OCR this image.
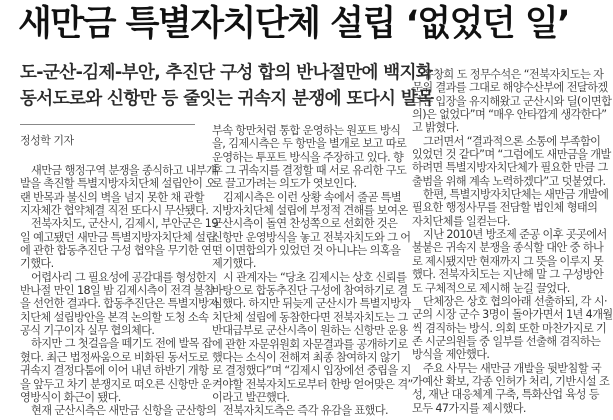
새만금 특별자치단체 설립 ‘없었던 일’
도-군산-김제-부안, 추진단 구성 합의 반나절만에 백지화
동서도로와 신항만 등 줄잇는 귀속지 분쟁에 또다시 발목
정성학 기자
새만금 행정구역 분쟁을 종식하고 내부개
발을 촉진할 특별지방자치단체 설립안이 오
랜 반목과 불신의 벽을 넘지 못한 채 관할
지자체간 협약체결 직전 또다시 무산됐다.
전북자치도, 군산시, 김제시, 부안군은 19
일 예고됐던 새만금 특별지방자치단체 설립
에 관한 합동추진단 구성 협약을 무기한 연
기했다.
어렵사리 그 필요성에 공감대를 형성한지
반나절 만인 18일 밤 김제시측이 전격 불참
을 선언한 결과다. 합동추진단은 특별지방자
치단체 설립방안을 본격 논의할 도청 소속
공식 기구이자 실무 협의체다.
하지만 그 첫걸음을 떼기도 전에 발목 잡
혔다. 최근 법정싸움으로 비화된 동서도로
귀속지 결정다툼에 이어 내년 하반기 개항
을 앞두고 차기 분쟁지로 떠오른 신항만 운
영방식이 화근이 됐다.
현재 군산시측은 새만금 신항을 군산항의
부속 항만처럼 통합 운영하는 원포트 방식
을, 김제시측은 두 항만을 별개로 보고 따로
운영하는 투포트 방식을 주장하고 있다. 향
후 그 귀속지를 결정할 때 서로 유리한 구도
로 끌고가려는 의도가 엿보인다.
김제시측은 이런 상황 속에서 줄곧 특별
지방자치단체 설립에 부정적 견해를 보여온
군산시측이 돌연 찬성쪽으로 선회한 것은
신항만 운영방식을 놓고 전북자치도와 그 어
떤 이면합의가 있었던 것 아니냐는 의혹을
제기했다.
시 관계자는 “당초 김제시는 상호 신뢰를
바탕으로 합동추진단 구성에 참여하기로 결
심했다. 하지만 뒤늦게 군산시가 특별지방자
치단체 설립에 동참한다면 전북자치도는 그
반대급부로 군산시측이 원하는 신항만 운용
에 관한 자문위원회 자문결과를 공개하기로
했다는 소식이 전해져 최종 참여하지 않기
로 결정했다”며 “김제시 입장에선 중립을 지
켜야할 전북자치도로부터 한방 얻어맞은 격”
이라고 발끈했다.
전북자치도측은 즉각 유감을 표했다.
유창희 도 정무수석은 “전북자치도는 자
문위 결과를 그대로 해양수산부에 전달하겠
다는 입장을 유지해왔고 군산시와 딜(이면합
의)은 없었다”며 “매우 안타깝게 생각한다”
고 밝혔다.
그러면서 “결과적으론 소통에 부족함이
있었던 것 같다”며 “그럼에도 새만금을 개발
하려면 특별지방자치단체가 필요한 만큼 그
출범을 위해 계속 노력하겠다”고 덧붙였다.
한편, 특별지방자치단체는 새만금 개발에
필요한 행정사무를 전담할 법인체 형태의
자치단체를 일컫는다.
지난 2010년 방조제 준공 이후 곳곳에서
불붙은 귀속지 분쟁을 종식할 대안 중 하나
로 제시됐지만 현재까지 그 뜻을 이루지 못
했다. 전북자치도는 지난해 말 그 구성방안
도 구체적으로 제시해 눈길 끌었다.
단체장은 상호 협의아래 선출하되, 각 시·
군의 시장 군수 3명이 돌아가면서 1년 4개월
씩 겸직하는 방식. 의회 또한 마찬가지로 기
존 시군의원들 중 일부를 선출해 겸직하는
방식을 제안했다.
주요 사무는 새만금 개발을 뒷받침할 국
가예산 확보, 각종 인허가 처리, 기반시설 조
성, 재난 대응체계 구축, 특화산업 육성 등
모두 47가지를 제시했다.
